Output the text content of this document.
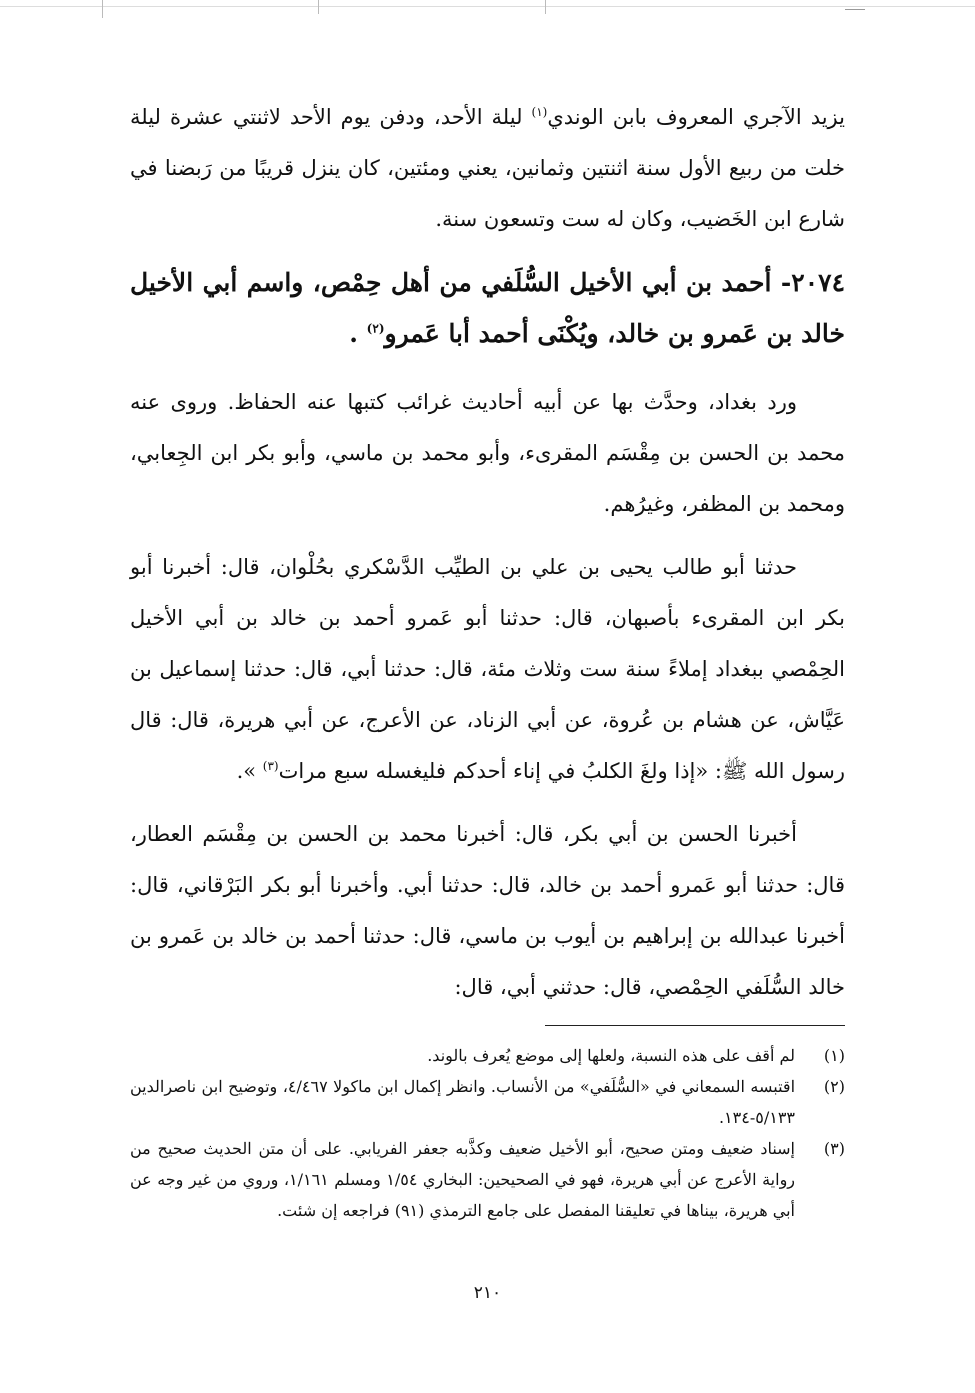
يزيد الآجري المعروف بابن الوندي$^{(١)}$ ليلة الأحد، ودفن يوم الأحد لاثنتي عشرة ليلة خلت من ربيع الأول سنة اثنتين وثمانين، يعني ومئتين، كان ينزل قريبًا من رَبضنا في شارع ابن الخَضيب، وكان له ست وتسعون سنة.

٢٠٧٤- أحمد بن أبي الأخيل السُّلَفي من أهل حِمْص، واسم أبي الأخيل خالد بن عَمرو بن خالد، ويُكْنَى أحمد أبا عَمرو$^{(٢)}$ .

ورد بغداد، وحدَّث بها عن أبيه أحاديث غرائب كتبها عنه الحفاظ. وروى عنه محمد بن الحسن بن مِقْسَم المقرىء، وأبو محمد بن ماسي، وأبو بكر ابن الجِعابي، ومحمد بن المظفر، وغيرُهم.

حدثنا أبو طالب يحيى بن علي بن الطيِّب الدَّسْكري بحُلْوان، قال: أخبرنا أبو بكر ابن المقرىء بأصبهان، قال: حدثنا أبو عَمرو أحمد بن خالد بن أبي الأخيل الحِمْصي ببغداد إملاءً سنة ست وثلاث مئة، قال: حدثنا أبي، قال: حدثنا إسماعيل بن عَيَّاش، عن هشام بن عُروة، عن أبي الزناد، عن الأعرج، عن أبي هريرة، قال: قال رسول الله ﷺ: «إذا ولغَ الكلبُ في إناء أحدكم فليغسله سبع مرات$^{(٣)}$ ».

أخبرنا الحسن بن أبي بكر، قال: أخبرنا محمد بن الحسن بن مِقْسَم العطار، قال: حدثنا أبو عَمرو أحمد بن خالد، قال: حدثنا أبي. وأخبرنا أبو بكر البَرْقاني، قال: أخبرنا عبدالله بن إبراهيم بن أيوب بن ماسي، قال: حدثنا أحمد بن خالد بن عَمرو بن خالد السُّلَفي الحِمْصي، قال: حدثني أبي، قال:

(١)
لم أقف على هذه النسبة، ولعلها إلى موضع يُعرف بالوند.
(٢)
اقتبسه السمعاني في «السُّلَفي» من الأنساب. وانظر إكمال ابن ماكولا ٤/٤٦٧، وتوضيح ابن ناصرالدين ٥/١٣٣-١٣٤.
(٣)
إسناد ضعيف ومتن صحيح، أبو الأخيل ضعيف وكذَّبه جعفر الفريابي. على أن متن الحديث صحيح من رواية الأعرج عن أبي هريرة، فهو في الصحيحين: البخاري ١/٥٤ ومسلم ١/١٦١، وروي من غير وجه عن أبي هريرة، بيناها في تعليقنا المفصل على جامع الترمذي (٩١) فراجعه إن شئت.
٢١٠
